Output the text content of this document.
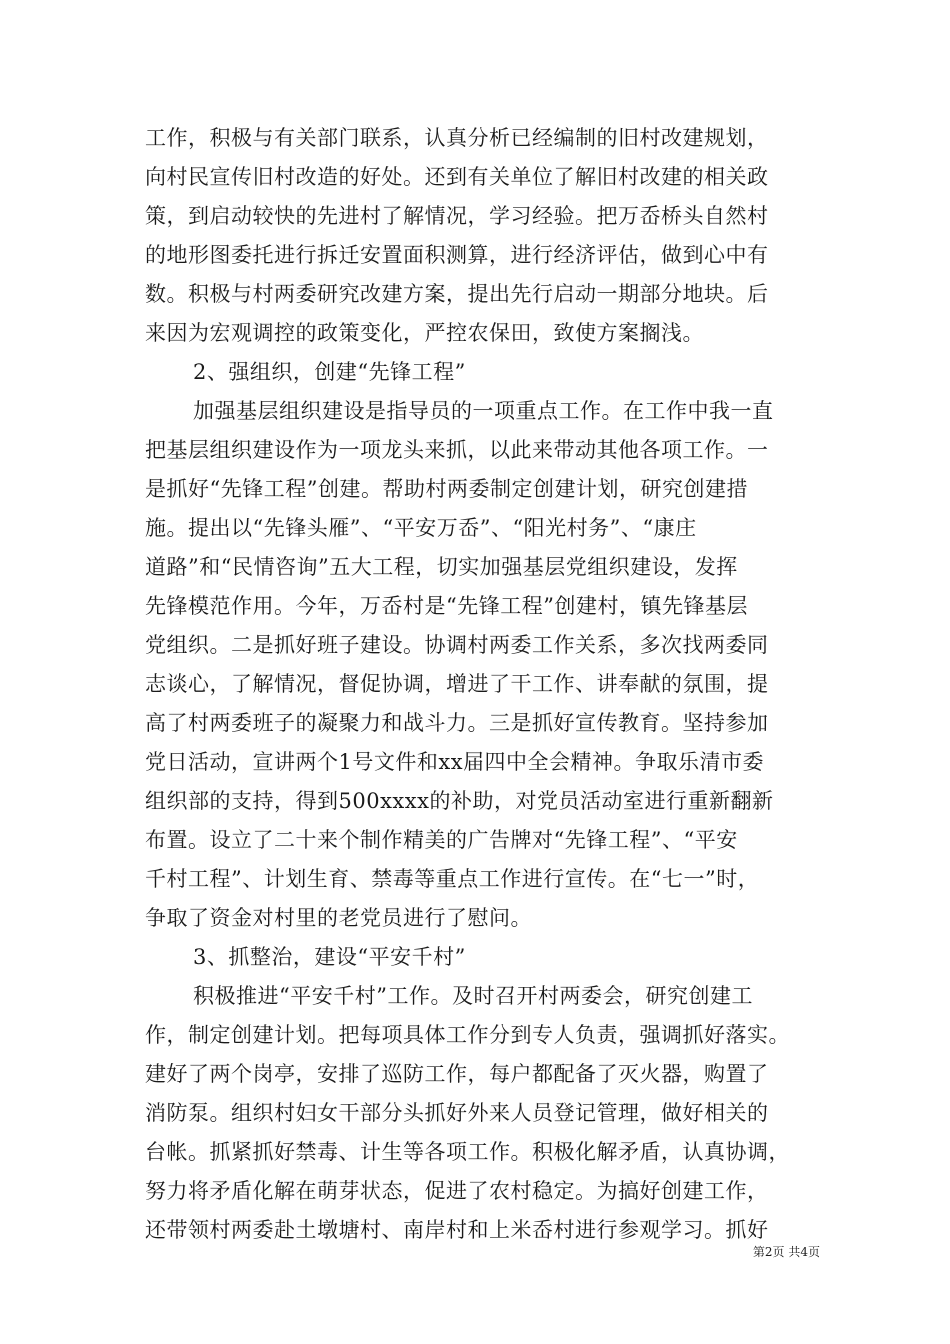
工作，积极与有关部门联系，认真分析已经编制的旧村改建规划，
向村民宣传旧村改造的好处。还到有关单位了解旧村改建的相关政
策，到启动较快的先进村了解情况，学习经验。把万岙桥头自然村
的地形图委托进行拆迁安置面积测算，进行经济评估，做到心中有
数。积极与村两委研究改建方案，提出先行启动一期部分地块。后
来因为宏观调控的政策变化，严控农保田，致使方案搁浅。
2、强组织，创建“先锋工程”
加强基层组织建设是指导员的一项重点工作。在工作中我一直
把基层组织建设作为一项龙头来抓，以此来带动其他各项工作。一
是抓好“先锋工程”创建。帮助村两委制定创建计划，研究创建措
施。提出以“先锋头雁”、“平安万岙”、“阳光村务”、“康庄
道路”和“民情咨询”五大工程，切实加强基层党组织建设，发挥
先锋模范作用。今年，万岙村是“先锋工程”创建村，镇先锋基层
党组织。二是抓好班子建设。协调村两委工作关系，多次找两委同
志谈心，了解情况，督促协调，增进了干工作、讲奉献的氛围，提
高了村两委班子的凝聚力和战斗力。三是抓好宣传教育。坚持参加
党日活动，宣讲两个1号文件和xx届四中全会精神。争取乐清市委
组织部的支持，得到500xxxx的补助，对党员活动室进行重新翻新
布置。设立了二十来个制作精美的广告牌对“先锋工程”、“平安
千村工程”、计划生育、禁毒等重点工作进行宣传。在“七一”时，
争取了资金对村里的老党员进行了慰问。
3、抓整治，建设“平安千村”
积极推进“平安千村”工作。及时召开村两委会，研究创建工
作，制定创建计划。把每项具体工作分到专人负责，强调抓好落实。
建好了两个岗亭，安排了巡防工作，每户都配备了灭火器，购置了
消防泵。组织村妇女干部分头抓好外来人员登记管理，做好相关的
台帐。抓紧抓好禁毒、计生等各项工作。积极化解矛盾，认真协调，
努力将矛盾化解在萌芽状态，促进了农村稳定。为搞好创建工作，
还带领村两委赴土墩塘村、南岸村和上米岙村进行参观学习。抓好
第2页 共4页
